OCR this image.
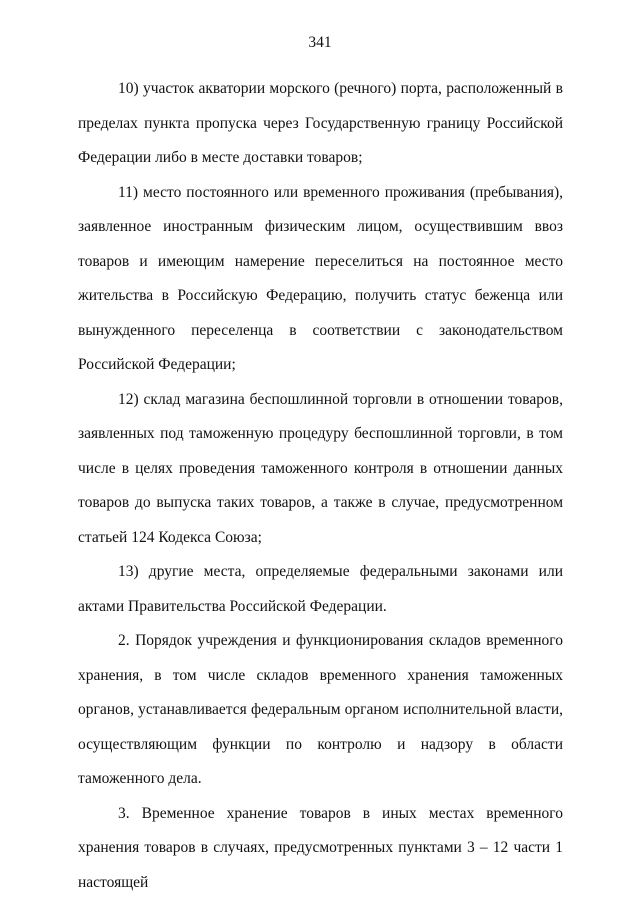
341

10) участок акватории морского (речного) порта, расположенный в пределах пункта пропуска через Государственную границу Российской Федерации либо в месте доставки товаров;

11) место постоянного или временного проживания (пребывания), заявленное иностранным физическим лицом, осуществившим ввоз товаров и имеющим намерение переселиться на постоянное место жительства в Российскую Федерацию, получить статус беженца или вынужденного переселенца в соответствии с законодательством Российской Федерации;

12) склад магазина беспошлинной торговли в отношении товаров, заявленных под таможенную процедуру беспошлинной торговли, в том числе в целях проведения таможенного контроля в отношении данных товаров до выпуска таких товаров, а также в случае, предусмотренном статьей 124 Кодекса Союза;

13) другие места, определяемые федеральными законами или актами Правительства Российской Федерации.

2. Порядок учреждения и функционирования складов временного хранения, в том числе складов временного хранения таможенных органов, устанавливается федеральным органом исполнительной власти, осуществляющим функции по контролю и надзору в области таможенного дела.

3. Временное хранение товаров в иных местах временного хранения товаров в случаях, предусмотренных пунктами 3 – 12 части 1 настоящей
